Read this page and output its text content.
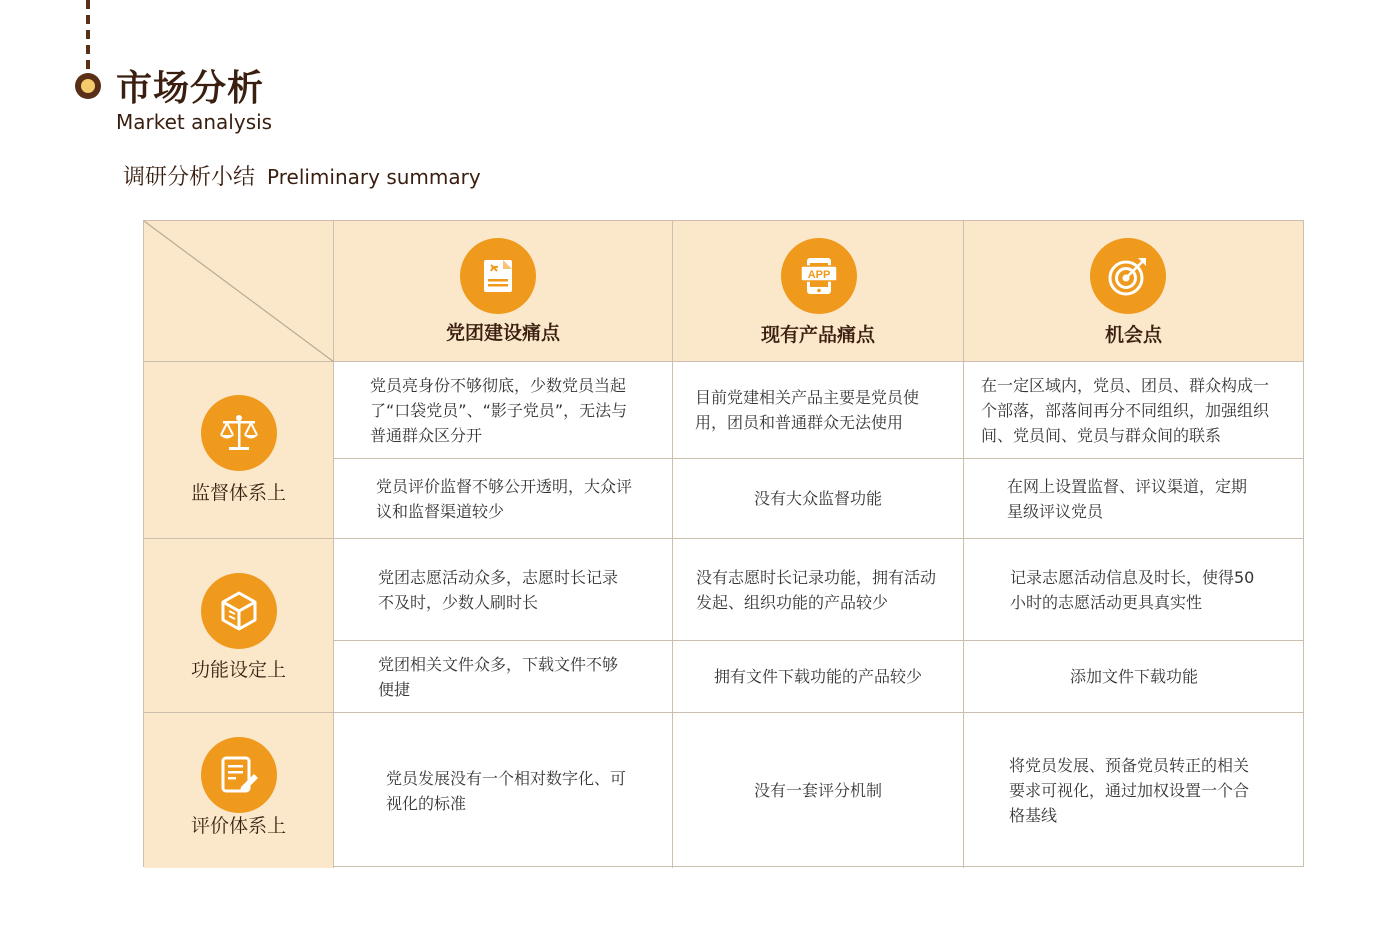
市场分析
Market analysis
调研分析小结 Preliminary summary
党团建设痛点
APP
现有产品痛点	机会点
监督体系上
功能设定上
评价体系上
党员亮身份不够彻底，少数党员当起了“口袋党员”、“影子党员”，无法与普通群众区分开
目前党建相关产品主要是党员使用，团员和普通群众无法使用
在一定区域内，党员、团员、群众构成一个部落，部落间再分不同组织，加强组织间、党员间、党员与群众间的联系
党员评价监督不够公开透明，大众评议和监督渠道较少
没有大众监督功能
在网上设置监督、评议渠道，定期星级评议党员
党团志愿活动众多，志愿时长记录不及时，少数人刷时长
没有志愿时长记录功能，拥有活动发起、组织功能的产品较少
记录志愿活动信息及时长，使得50 小时的志愿活动更具真实性
党团相关文件众多，下载文件不够便捷
拥有文件下载功能的产品较少	添加文件下载功能
党员发展没有一个相对数字化、可视化的标准
没有一套评分机制
将党员发展、预备党员转正的相关要求可视化，通过加权设置一个合格基线
